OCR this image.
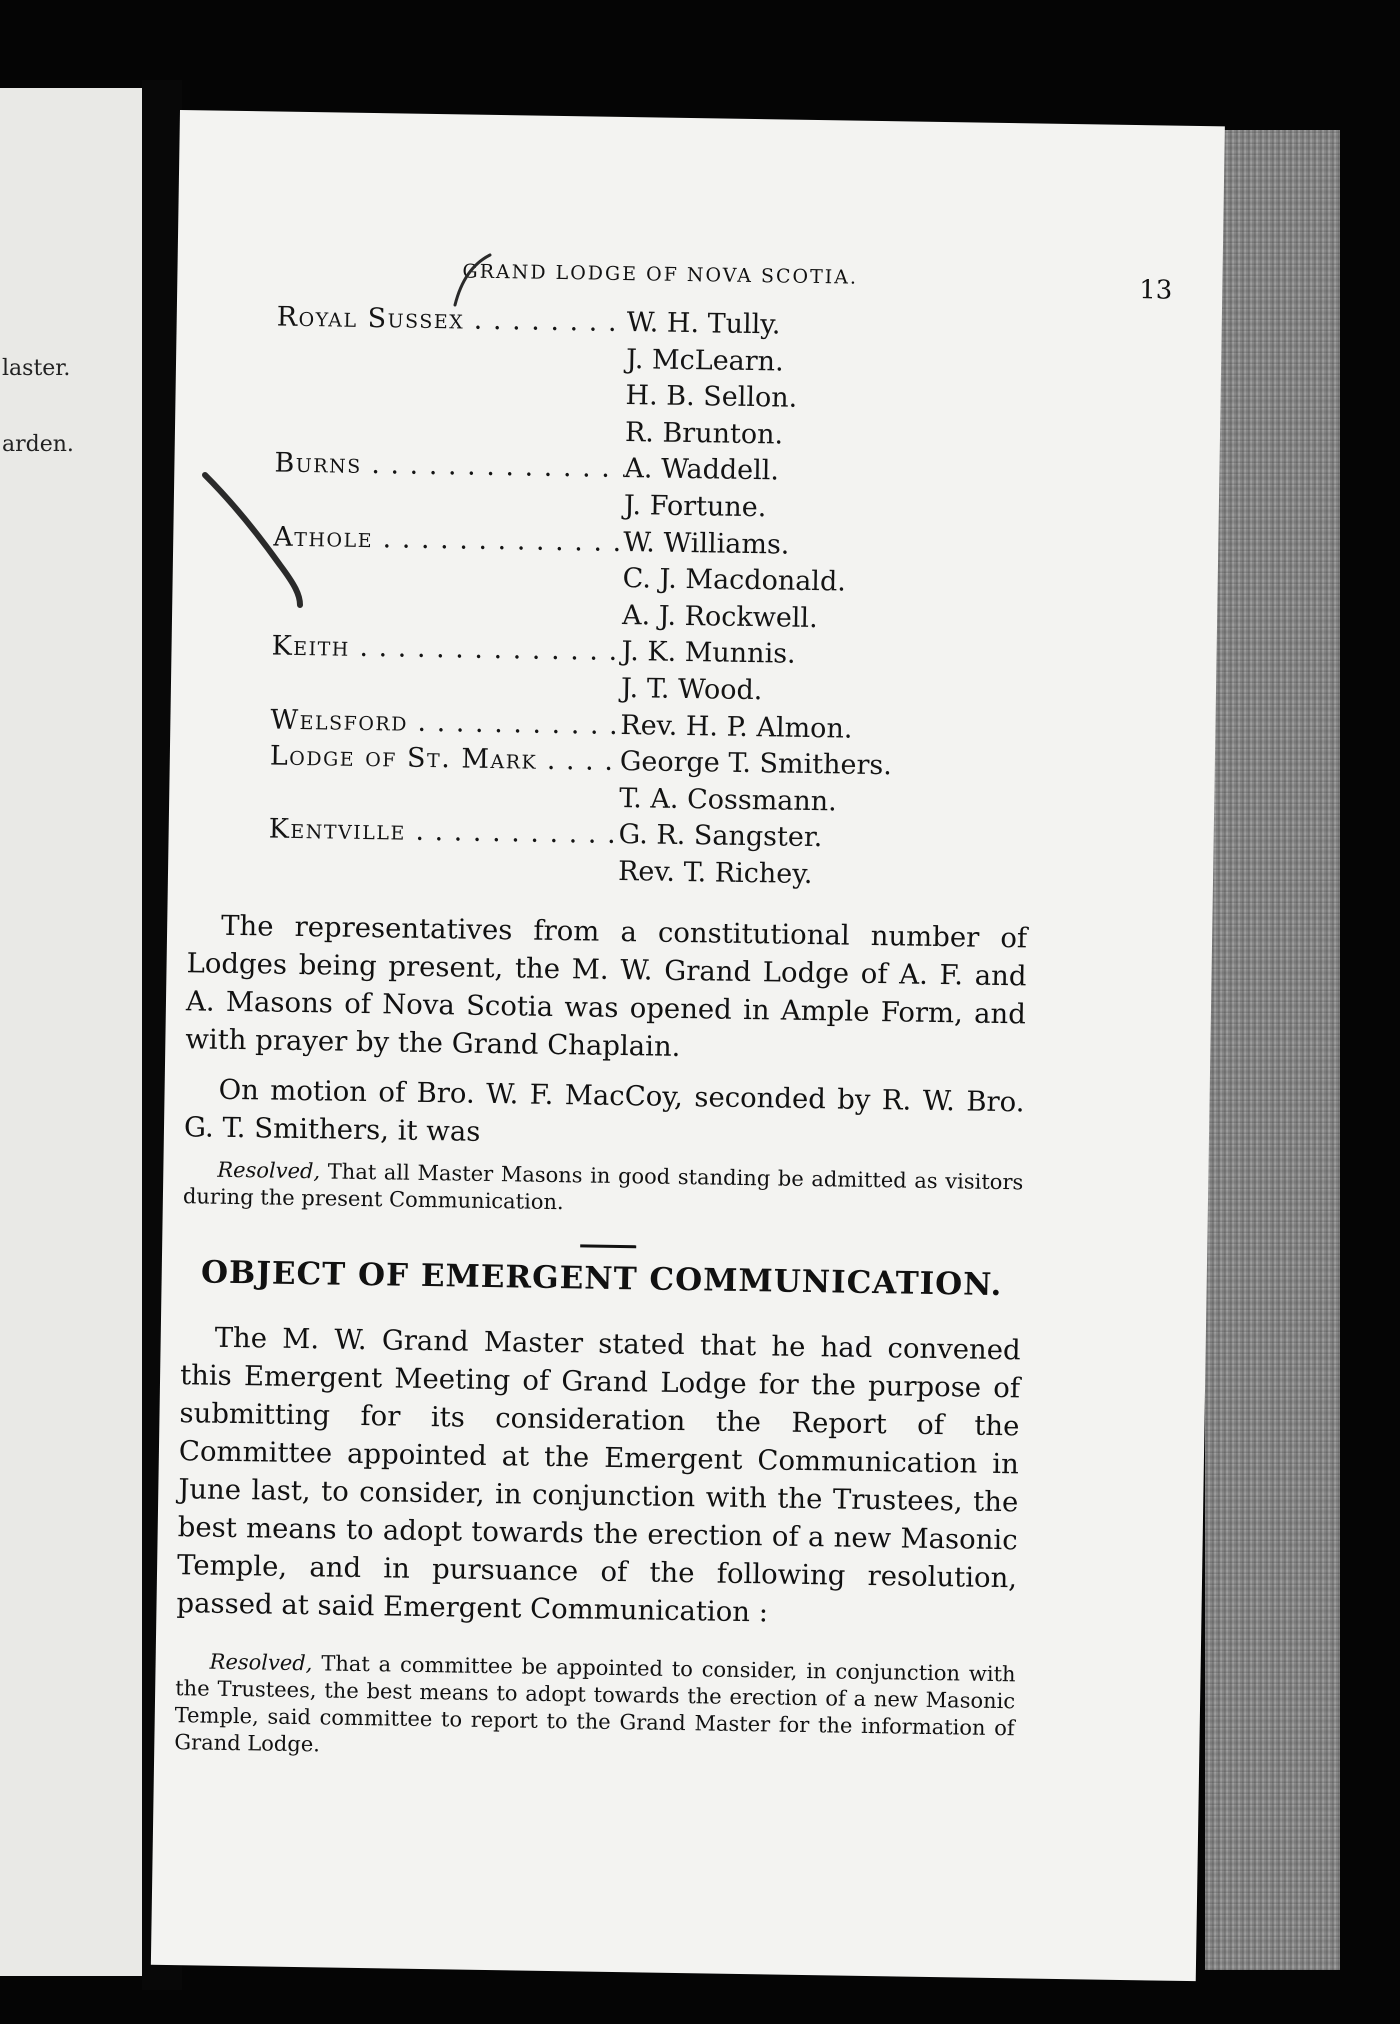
laster.
arden.
GRAND LODGE OF NOVA SCOTIA.
13
Royal Sussex . . .	W. H. Tully.
J. McLearn.
H. B. Sellon.
R. Brunton.
Burns . . .	A. Waddell.
J. Fortune.
Athole . . .	W. Williams.
C. J. Macdonald.
A. J. Rockwell.
Keith . . .	J. K. Munnis.
J. T. Wood.
Welsford . . .	Rev. H. P. Almon.
Lodge of St. Mark . . .	George T. Smithers.
T. A. Cossmann.
Kentville . . .	G. R. Sangster.
Rev. T. Richey.

The representatives from a constitutional number of Lodges being present, the M. W. Grand Lodge of A. F. and A. Masons of Nova Scotia was opened in Ample Form, and with prayer by the Grand Chaplain.

On motion of Bro. W. F. MacCoy, seconded by R. W. Bro. G. T. Smithers, it was

Resolved, That all Master Masons in good standing be admitted as visitors during the present Communication.

OBJECT OF EMERGENT COMMUNICATION.

The M. W. Grand Master stated that he had convened this Emergent Meeting of Grand Lodge for the purpose of submitting for its consideration the Report of the Committee appointed at the Emergent Communication in June last, to consider, in conjunction with the Trustees, the best means to adopt towards the erection of a new Masonic Temple, and in pursuance of the following resolution, passed at said Emergent Communication :

Resolved, That a committee be appointed to consider, in conjunction with the Trustees, the best means to adopt towards the erection of a new Masonic Temple, said committee to report to the Grand Master for the information of Grand Lodge.
